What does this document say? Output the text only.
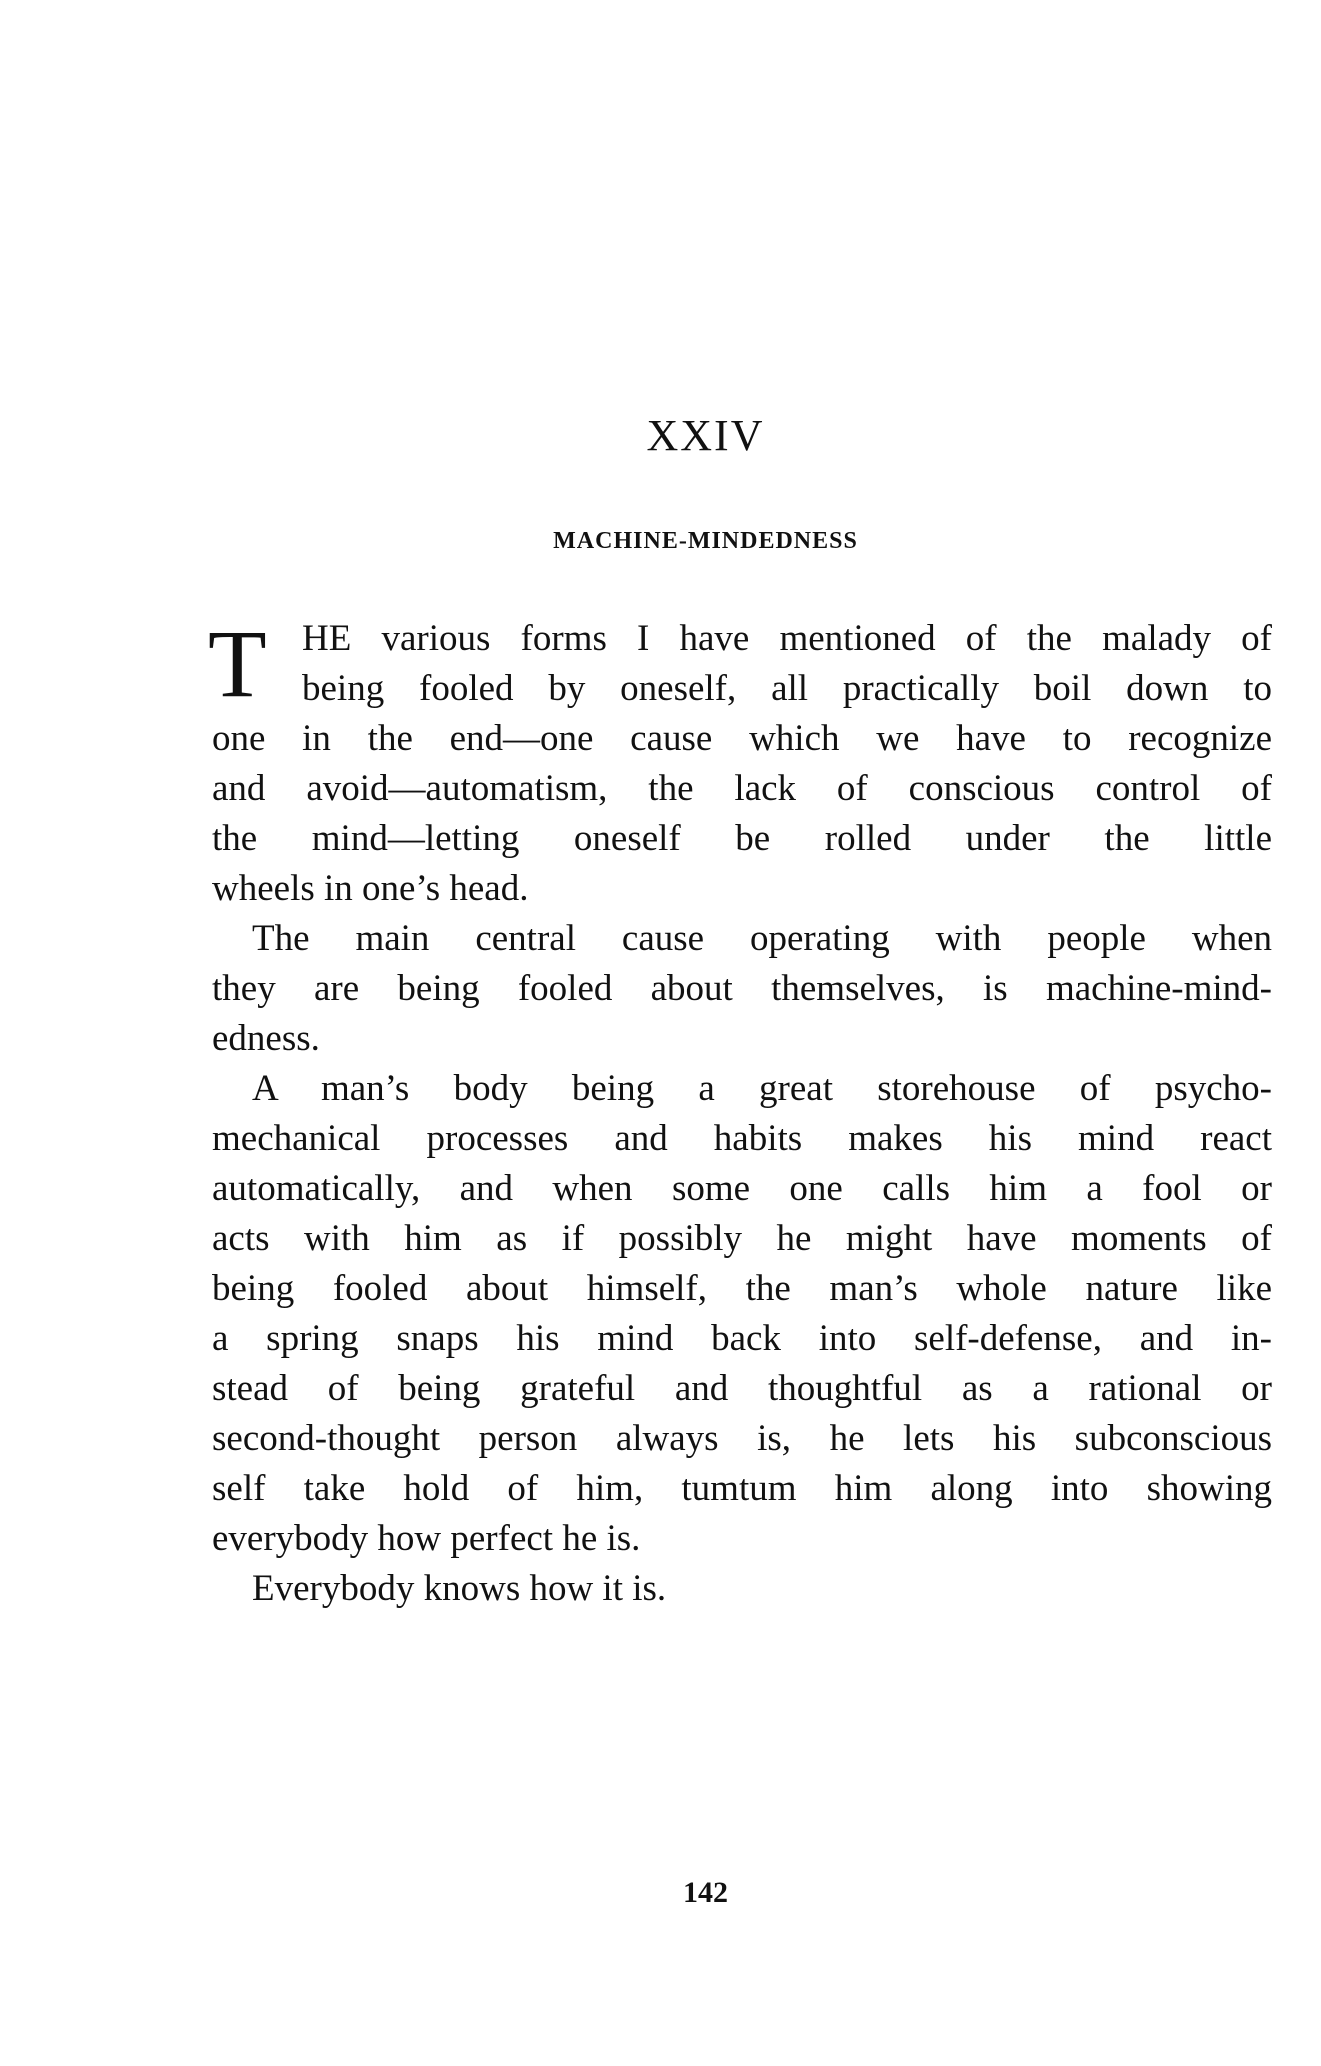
XXIV
MACHINE-MINDEDNESS
T HE various forms I have mentioned of the malady of
being fooled by oneself, all practically boil down to
one in the end—one cause which we have to recognize
and avoid—automatism, the lack of conscious control of
the mind—letting oneself be rolled under the little
wheels in one’s head.
The main central cause operating with people when
they are being fooled about themselves, is machine-mind-
edness.
A man’s body being a great storehouse of psycho-
mechanical processes and habits makes his mind react
automatically, and when some one calls him a fool or
acts with him as if possibly he might have moments of
being fooled about himself, the man’s whole nature like
a spring snaps his mind back into self-defense, and in-
stead of being grateful and thoughtful as a rational or
second-thought person always is, he lets his subconscious
self take hold of him, tumtum him along into showing
everybody how perfect he is.
Everybody knows how it is.
142
